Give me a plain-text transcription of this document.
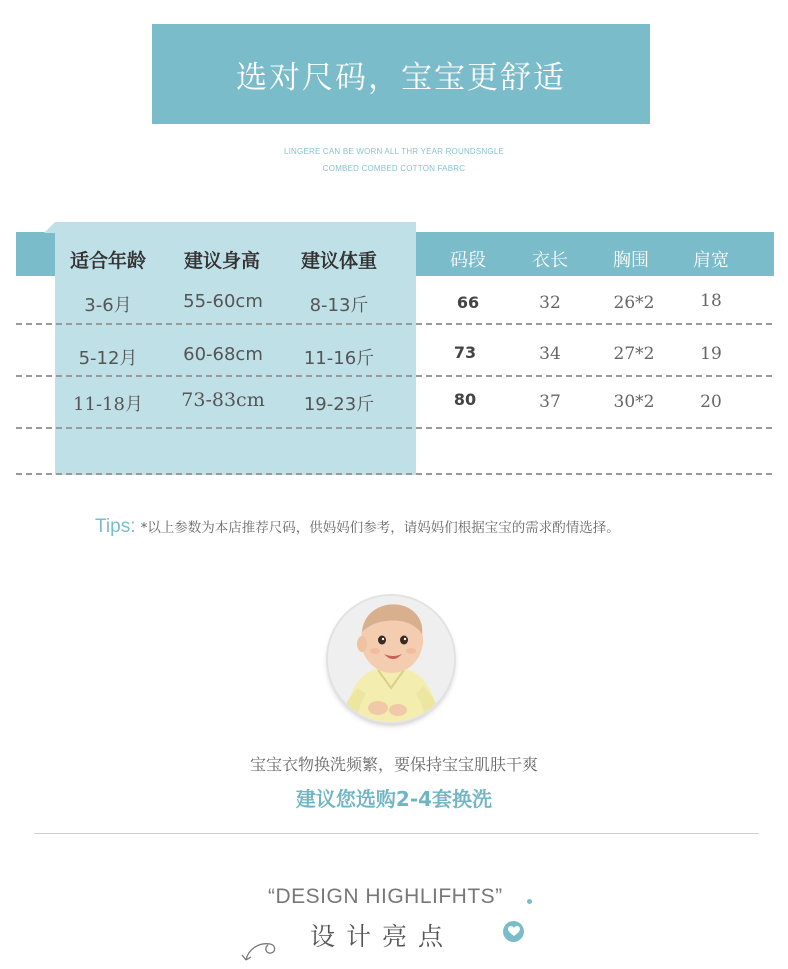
选对尺码，宝宝更舒适
LINGERE CAN BE WORN ALL THR YEAR ROUNDSNGLE
COMBED COMBED COTTON FABRC
适合年龄	建议身高	建议体重	码段	衣长	胸围	肩宽
3-6月	55-60cm	8-13斤	66	32	26*2	18
5-12月	60-68cm	11-16斤	73	34	27*2	19
11-18月	73-83cm	19-23斤	80	37	30*2	20
Tips: *以上参数为本店推荐尺码，供妈妈们参考，请妈妈们根据宝宝的需求酌情选择。
宝宝衣物换洗频繁，要保持宝宝肌肤干爽
建议您选购2-4套换洗
“DESIGN HIGHLIFHTS”
设计亮点
